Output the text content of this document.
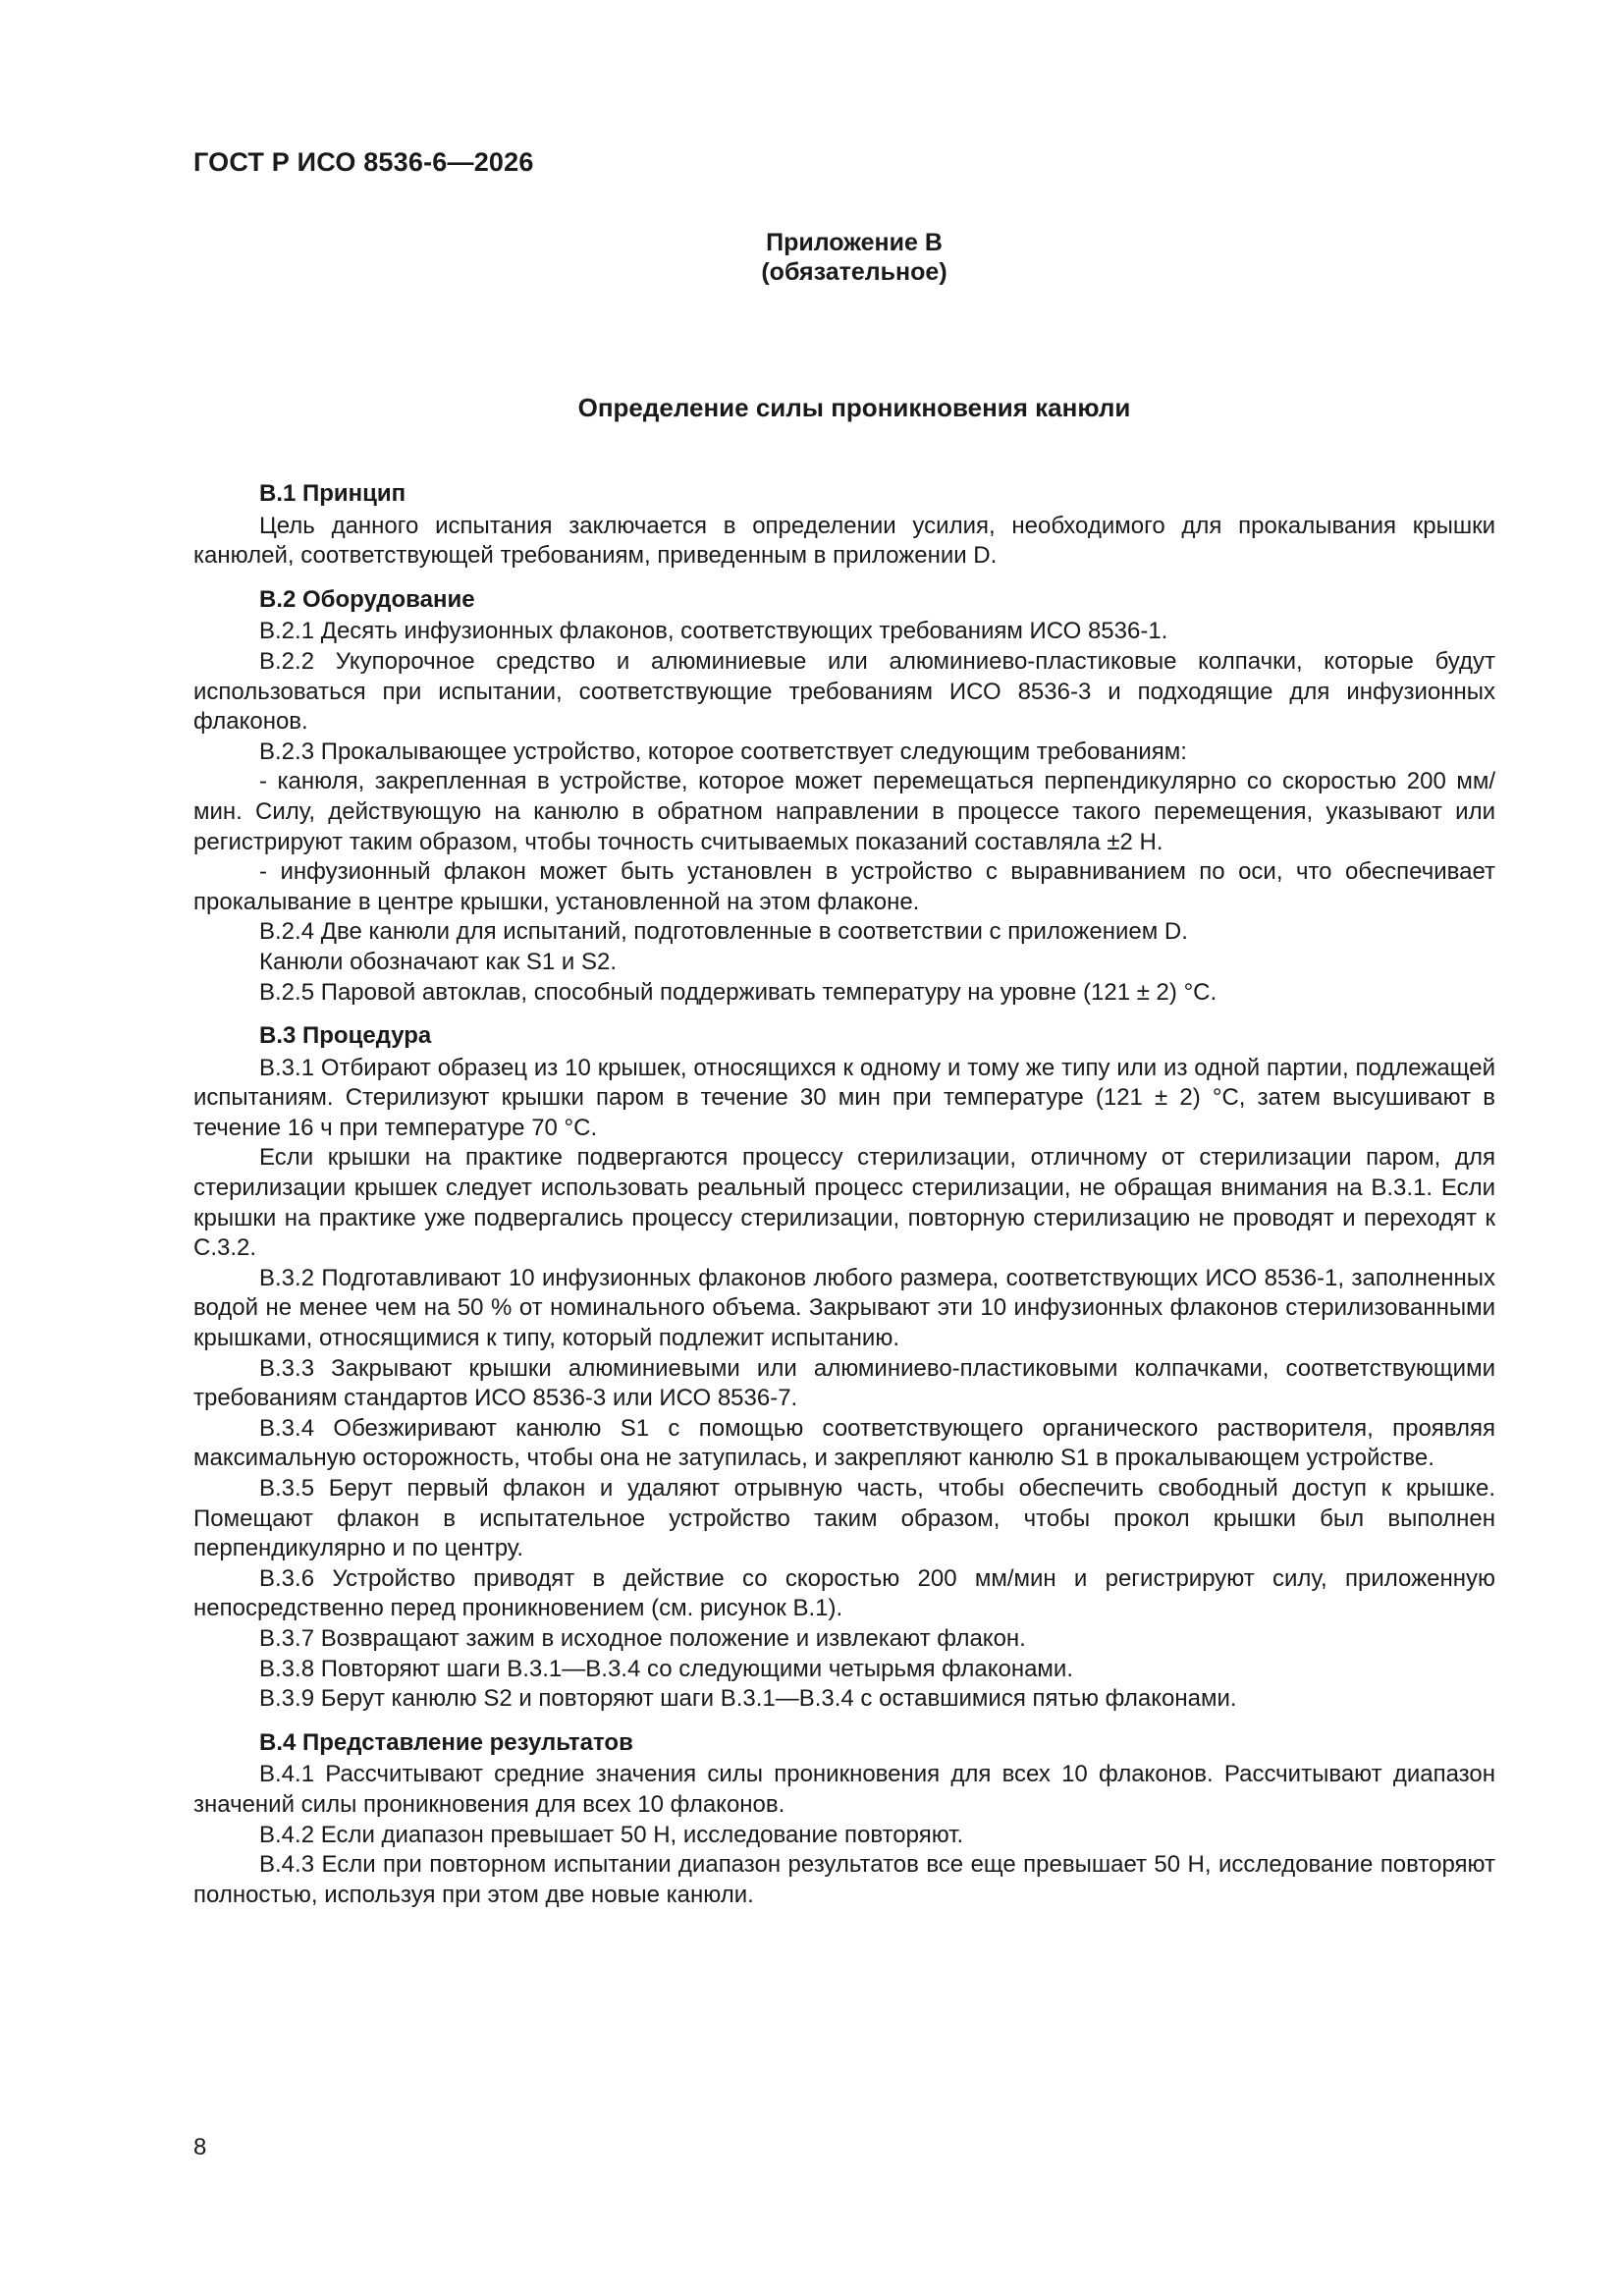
ГОСТ Р ИСО 8536-6—2026
Приложение В
(обязательное)
Определение силы проникновения канюли
В.1 Принцип
Цель данного испытания заключается в определении усилия, необходимого для прокалывания крышки канюлей, соответствующей требованиям, приведенным в приложении D.
В.2 Оборудование
В.2.1 Десять инфузионных флаконов, соответствующих требованиям ИСО 8536-1.
В.2.2 Укупорочное средство и алюминиевые или алюминиево-пластиковые колпачки, которые будут использоваться при испытании, соответствующие требованиям ИСО 8536-3 и подходящие для инфузионных флаконов.
В.2.3 Прокалывающее устройство, которое соответствует следующим требованиям:
- канюля, закрепленная в устройстве, которое может перемещаться перпендикулярно со скоростью 200 мм/мин. Силу, действующую на канюлю в обратном направлении в процессе такого перемещения, указывают или регистрируют таким образом, чтобы точность считываемых показаний составляла ±2 Н.
- инфузионный флакон может быть установлен в устройство с выравниванием по оси, что обеспечивает прокалывание в центре крышки, установленной на этом флаконе.
В.2.4 Две канюли для испытаний, подготовленные в соответствии с приложением D.
Канюли обозначают как S1 и S2.
В.2.5 Паровой автоклав, способный поддерживать температуру на уровне (121 ± 2) °С.
В.3 Процедура
В.3.1 Отбирают образец из 10 крышек, относящихся к одному и тому же типу или из одной партии, подлежащей испытаниям. Стерилизуют крышки паром в течение 30 мин при температуре (121 ± 2) °С, затем высушивают в течение 16 ч при температуре 70 °С.
Если крышки на практике подвергаются процессу стерилизации, отличному от стерилизации паром, для стерилизации крышек следует использовать реальный процесс стерилизации, не обращая внимания на В.3.1. Если крышки на практике уже подвергались процессу стерилизации, повторную стерилизацию не проводят и переходят к С.3.2.
В.3.2 Подготавливают 10 инфузионных флаконов любого размера, соответствующих ИСО 8536-1, заполненных водой не менее чем на 50 % от номинального объема. Закрывают эти 10 инфузионных флаконов стерилизованными крышками, относящимися к типу, который подлежит испытанию.
В.3.3 Закрывают крышки алюминиевыми или алюминиево-пластиковыми колпачками, соответствующими требованиям стандартов ИСО 8536-3 или ИСО 8536-7.
В.3.4 Обезжиривают канюлю S1 с помощью соответствующего органического растворителя, проявляя максимальную осторожность, чтобы она не затупилась, и закрепляют канюлю S1 в прокалывающем устройстве.
В.3.5 Берут первый флакон и удаляют отрывную часть, чтобы обеспечить свободный доступ к крышке. Помещают флакон в испытательное устройство таким образом, чтобы прокол крышки был выполнен перпендикулярно и по центру.
В.3.6 Устройство приводят в действие со скоростью 200 мм/мин и регистрируют силу, приложенную непосредственно перед проникновением (см. рисунок В.1).
В.3.7 Возвращают зажим в исходное положение и извлекают флакон.
В.3.8 Повторяют шаги В.3.1—В.3.4 со следующими четырьмя флаконами.
В.3.9 Берут канюлю S2 и повторяют шаги В.3.1—В.3.4 с оставшимися пятью флаконами.
В.4 Представление результатов
В.4.1 Рассчитывают средние значения силы проникновения для всех 10 флаконов. Рассчитывают диапазон значений силы проникновения для всех 10 флаконов.
В.4.2 Если диапазон превышает 50 Н, исследование повторяют.
В.4.3 Если при повторном испытании диапазон результатов все еще превышает 50 Н, исследование повторяют полностью, используя при этом две новые канюли.
8
